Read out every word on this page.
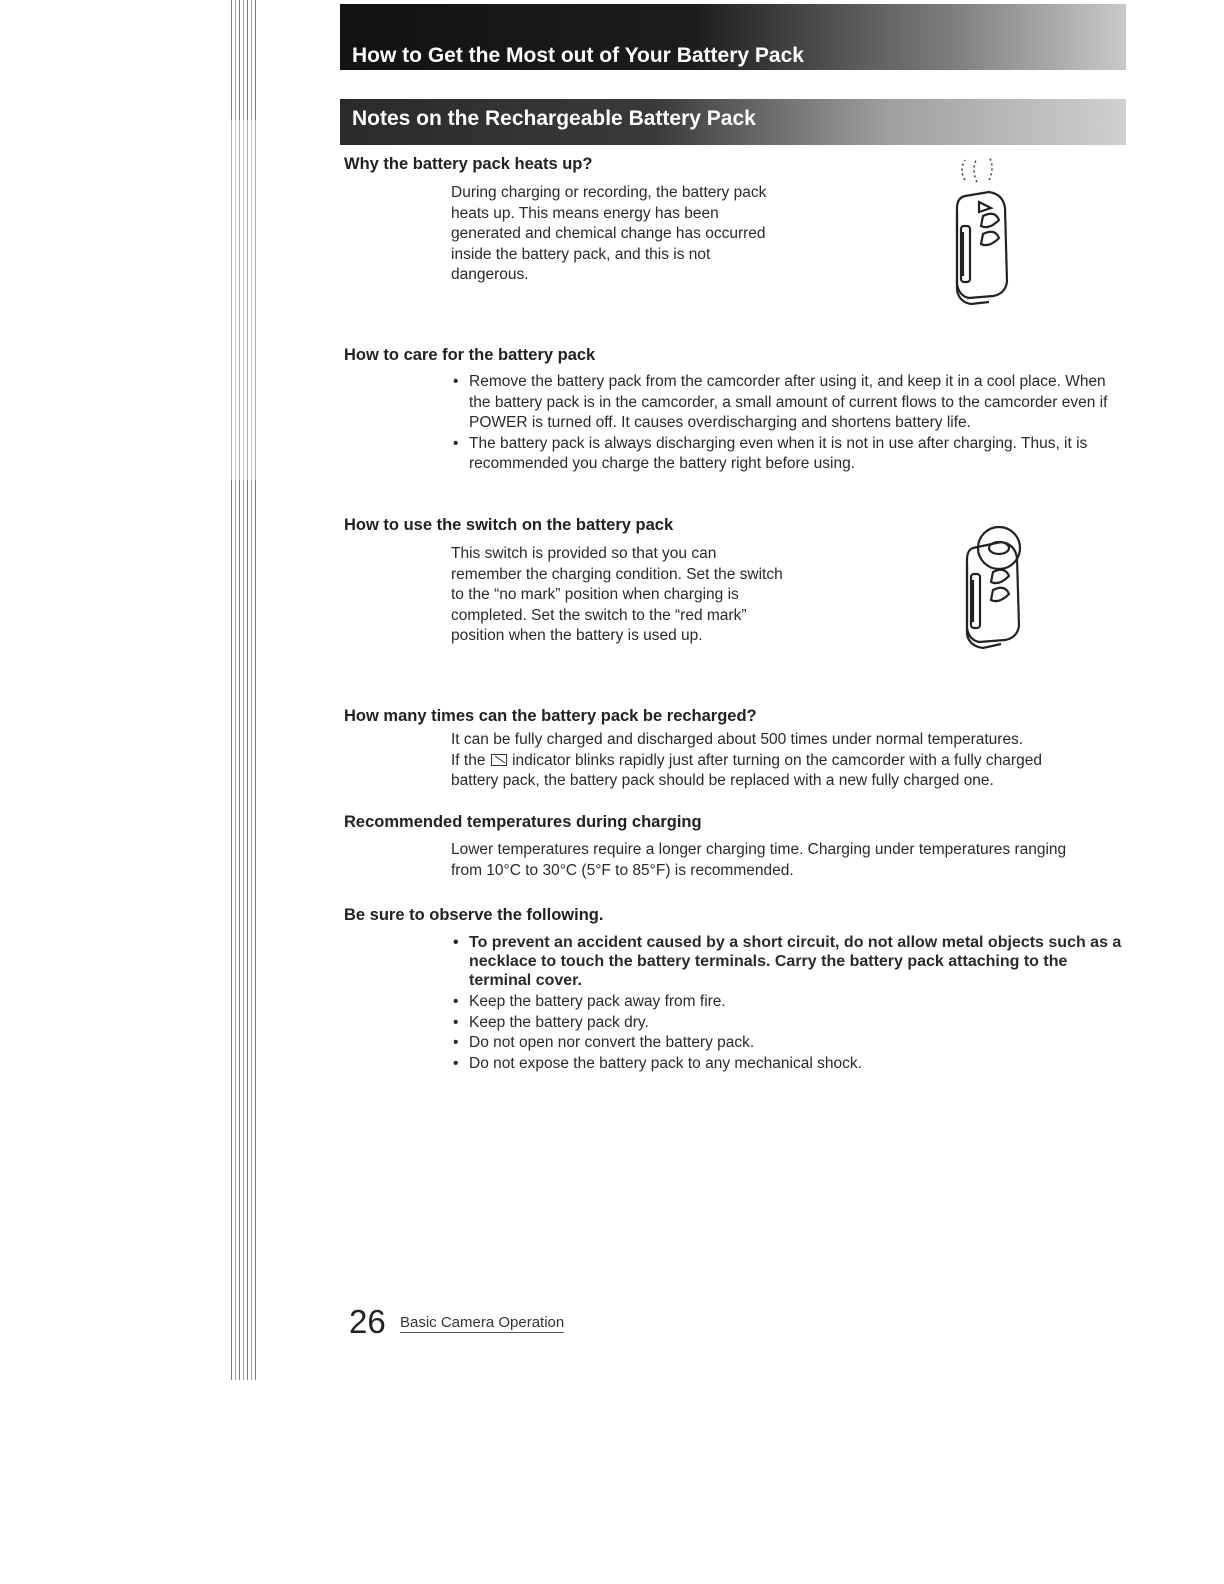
How to Get the Most out of Your Battery Pack
Notes on the Rechargeable Battery Pack
Why the battery pack heats up?
During charging or recording, the battery pack
heats up. This means energy has been
generated and chemical change has occurred
inside the battery pack, and this is not
dangerous.
How to care for the battery pack
• Remove the battery pack from the camcorder after using it, and keep it in a cool place. When the battery pack is in the camcorder, a small amount of current flows to the camcorder even if POWER is turned off. It causes overdischarging and shortens battery life.
• The battery pack is always discharging even when it is not in use after charging. Thus, it is recommended you charge the battery right before using.
How to use the switch on the battery pack
This switch is provided so that you can
remember the charging condition. Set the switch
to the “no mark” position when charging is
completed. Set the switch to the “red mark”
position when the battery is used up.
How many times can the battery pack be recharged?
It can be fully charged and discharged about 500 times under normal temperatures.
If the indicator blinks rapidly just after turning on the camcorder with a fully charged
battery pack, the battery pack should be replaced with a new fully charged one.
Recommended temperatures during charging
Lower temperatures require a longer charging time. Charging under temperatures ranging
from 10°C to 30°C (5°F to 85°F) is recommended.
Be sure to observe the following.
• To prevent an accident caused by a short circuit, do not allow metal objects such as a necklace to touch the battery terminals. Carry the battery pack attaching to the terminal cover.
• Keep the battery pack away from fire.
• Keep the battery pack dry.
• Do not open nor convert the battery pack.
• Do not expose the battery pack to any mechanical shock.
26 Basic Camera Operation
